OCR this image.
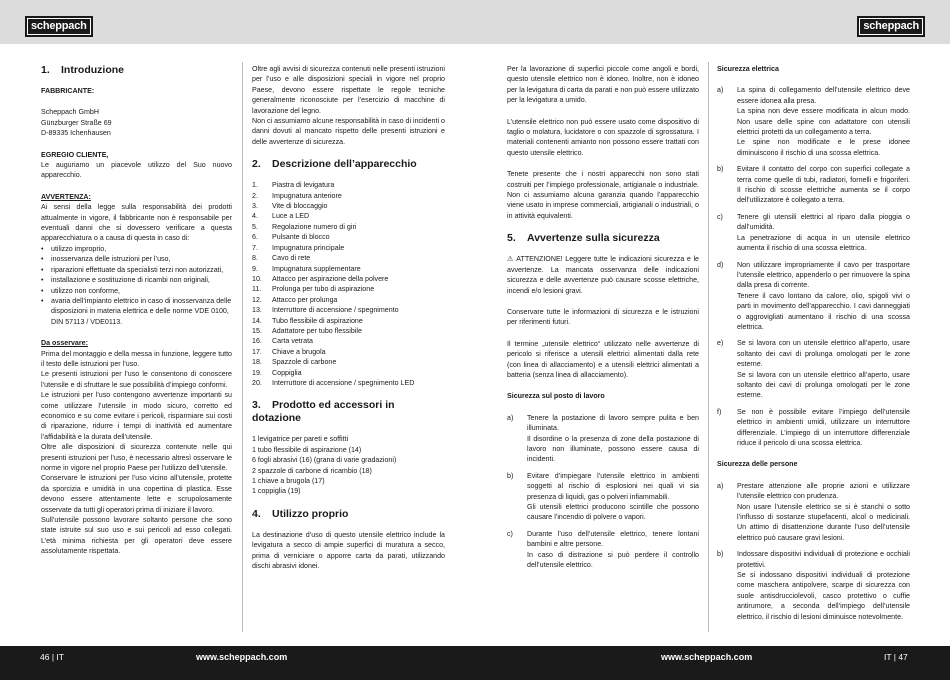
scheppach	scheppach
1. Introduzione

FABBRICANTE:

Scheppach GmbH

Günzburger Straße 69

D-89335 Ichenhausen

EGREGIO CLIENTE,

Le auguriamo un piacevole utilizzo del Suo nuovo apparecchio.

AVVERTENZA:

Ai sensi della legge sulla responsabilità dei prodotti attualmente in vigore, il fabbricante non è responsabile per eventuali danni che si dovessero verificare a questa apparecchiatura o a causa di questa in caso di:

• utilizzo improprio,

• inosservanza delle istruzioni per l’uso,

• riparazioni effettuate da specialisti terzi non autorizzati,

• installazione e sostituzione di ricambi non originali,

• utilizzo non conforme,

• avaria dell’impianto elettrico in caso di inosservanza delle disposizioni in materia elettrica e delle norme VDE 0100, DIN 57113 / VDE0113.

Da osservare:

Prima del montaggio e della messa in funzione, leggere tutto il testo delle istruzioni per l’uso.

Le presenti istruzioni per l’uso le consentono di conoscere l’utensile e di sfruttare le sue possibilità d’impiego conformi.

Le istruzioni per l’uso contengono avvertenze importanti su come utilizzare l’utensile in modo sicuro, corretto ed economico e su come evitare i pericoli, risparmiare sui costi di riparazione, ridurre i tempi di inattività ed aumentare l’affidabilità e la durata dell’utensile.

Oltre alle disposizioni di sicurezza contenute nelle qui presenti istruzioni per l’uso, è necessario altresì osservare le norme in vigore nel proprio Paese per l’utilizzo dell’utensile.

Conservare le istruzioni per l’uso vicino all’utensile, protette da sporcizia e umidità in una copertina di plastica. Esse devono essere attentamente lette e scrupolosamente osservate da tutti gli operatori prima di iniziare il lavoro.

Sull’utensile possono lavorare soltanto persone che sono state istruite sul suo uso e sui pericoli ad esso collegati. L’età minima richiesta per gli operatori deve essere assolutamente rispettata.

Oltre agli avvisi di sicurezza contenuti nelle presenti istruzioni per l’uso e alle disposizioni speciali in vigore nel proprio Paese, devono essere rispettate le regole tecniche generalmente riconosciute per l’esercizio di macchine di lavorazione del legno.

Non ci assumiamo alcune responsabilità in caso di incidenti o danni dovuti al mancato rispetto delle presenti istruzioni e delle avvertenze di sicurezza.

2. Descrizione dell’apparecchio
1.	Piastra di levigatura
2.	Impugnatura anteriore
3.	Vite di bloccaggio
4.	Luce a LED
5.	Regolazione numero di giri
6.	Pulsante di blocco
7.	Impugnatura principale
8.	Cavo di rete
9.	Impugnatura supplementare
10.	Attacco per aspirazione della polvere
11.	Prolunga per tubo di aspirazione
12.	Attacco per prolunga
13.	Interruttore di accensione / spegnimento
14.	Tubo flessibile di aspirazione
15.	Adattatore per tubo flessibile
16.	Carta vetrata
17.	Chiave a brugola
18.	Spazzole di carbone
19.	Coppiglia
20.	Interruttore di accensione / spegnimento LED
3. Prodotto ed accessori in dotazione

1 levigatrice per pareti e soffitti

1 tubo flessibile di aspirazione (14)

6 fogli abrasivi (16) (grana di varie gradazioni)

2 spazzole di carbone di ricambio (18)

1 chiave a brugola (17)

1 coppiglia (19)

4. Utilizzo proprio

La destinazione d’uso di questo utensile elettrico include la levigatura a secco di ampie superfici di muratura a secco, prima di verniciare o apporre carta da parati, utilizzando dischi abrasivi idonei.

Per la lavorazione di superfici piccole come angoli e bordi, questo utensile elettrico non è idoneo. Inoltre, non è idoneo per la levigatura di carta da parati e non può essere utilizzato per la levigatura a umido.

L’utensile elettrico non può essere usato come dispositivo di taglio o molatura, lucidatore o con spazzole di sgrossatura. I materiali contenenti amianto non possono essere trattati con questo utensile elettrico.

Tenete presente che i nostri apparecchi non sono stati costruiti per l’impiego professionale, artigianale o industriale. Non ci assumiamo alcuna garanzia quando l’apparecchio viene usato in imprese commerciali, artigianali o industriali, o in attività equivalenti.

5. Avvertenze sulla sicurezza

⚠ ATTENZIONE! Leggere tutte le indicazioni sicurezza e le avvertenze. La mancata osservanza delle indicazioni sicurezza e delle avvertenze può causare scosse elettriche, incendi e/o lesioni gravi.

Conservare tutte le informazioni di sicurezza e le istruzioni per riferimenti futuri.

Il termine „utensile elettrico“ utilizzato nelle avvertenze di pericolo si riferisce a utensili elettrici alimentati dalla rete (con linea di allacciamento) e a utensili elettrici alimentati a batteria (senza linea di allacciamento).

Sicurezza sul posto di lavoro

a)	Tenere la postazione di lavoro sempre pulita e ben illuminata.

Il disordine o la presenza di zone della postazione di lavoro non illuminate, possono essere causa di incidenti.

b)	Evitare d’impiegare l’utensile elettrico in ambienti soggetti al rischio di esplosioni nei quali vi sia presenza di liquidi, gas o polveri infiammabili.

Gli utensili elettrici producono scintille che possono causare l’incendio di polvere o vapori.

c)	Durante l’uso dell’utensile elettrico, tenere lontani bambini e altre persone.

In caso di distrazione si può perdere il controllo dell’utensile elettrico.

Sicurezza elettrica

a)	La spina di collegamento dell’utensile elettrico deve essere idonea alla presa.

La spina non deve essere modificata in alcun modo. Non usare delle spine con adattatore con utensili elettrici protetti da un collegamento a terra.

Le spine non modificate e le prese idonee diminuiscono il rischio di una scossa elettrica.

b)	Evitare il contatto del corpo con superfici collegate a terra come quelle di tubi, radiatori, fornelli e frigoriferi. Il rischio di scosse elettriche aumenta se il corpo dell’utilizzatore è collegato a terra.

c)	Tenere gli utensili elettrici al riparo dalla pioggia o dall’umidità.

La penetrazione di acqua in un utensile elettrico aumenta il rischio di una scossa elettrica.

d)	Non utilizzare impropriamente il cavo per trasportare l’utensile elettrico, appenderlo o per rimuovere la spina dalla presa di corrente.

Tenere il cavo lontano da calore, olio, spigoli vivi o parti in movimento dell’apparecchio. I cavi danneggiati o aggrovigliati aumentano il rischio di una scossa elettrica.

e)	Se si lavora con un utensile elettrico all’aperto, usare soltanto dei cavi di prolunga omologati per le zone esterne.

Se si lavora con un utensile elettrico all’aperto, usare soltanto dei cavi di prolunga omologati per le zone esterne.

f)	Se non è possibile evitare l’impiego dell’utensile elettrico in ambienti umidi, utilizzare un interruttore differenziale. L’impiego di un interruttore differenziale riduce il pericolo di una scossa elettrica.

Sicurezza delle persone

a)	Prestare attenzione alle proprie azioni e utilizzare l’utensile elettrico con prudenza.

Non usare l’utensile elettrico se si è stanchi o sotto l’influsso di sostanze stupefacenti, alcol o medicinali. Un attimo di disattenzione durante l’uso dell’utensile elettrico può causare gravi lesioni.

b)	Indossare dispositivi individuali di protezione e occhiali protettivi.

Se si indossano dispositivi individuali di protezione come maschera antipolvere, scarpe di sicurezza con suole antisdrucciolevoli, casco protettivo o cuffie antirumore, a seconda dell’impiego dell’utensile elettrico, il rischio di lesioni diminuisce notevolmente.

46 | IT	www.scheppach.com	www.scheppach.com	IT | 47
